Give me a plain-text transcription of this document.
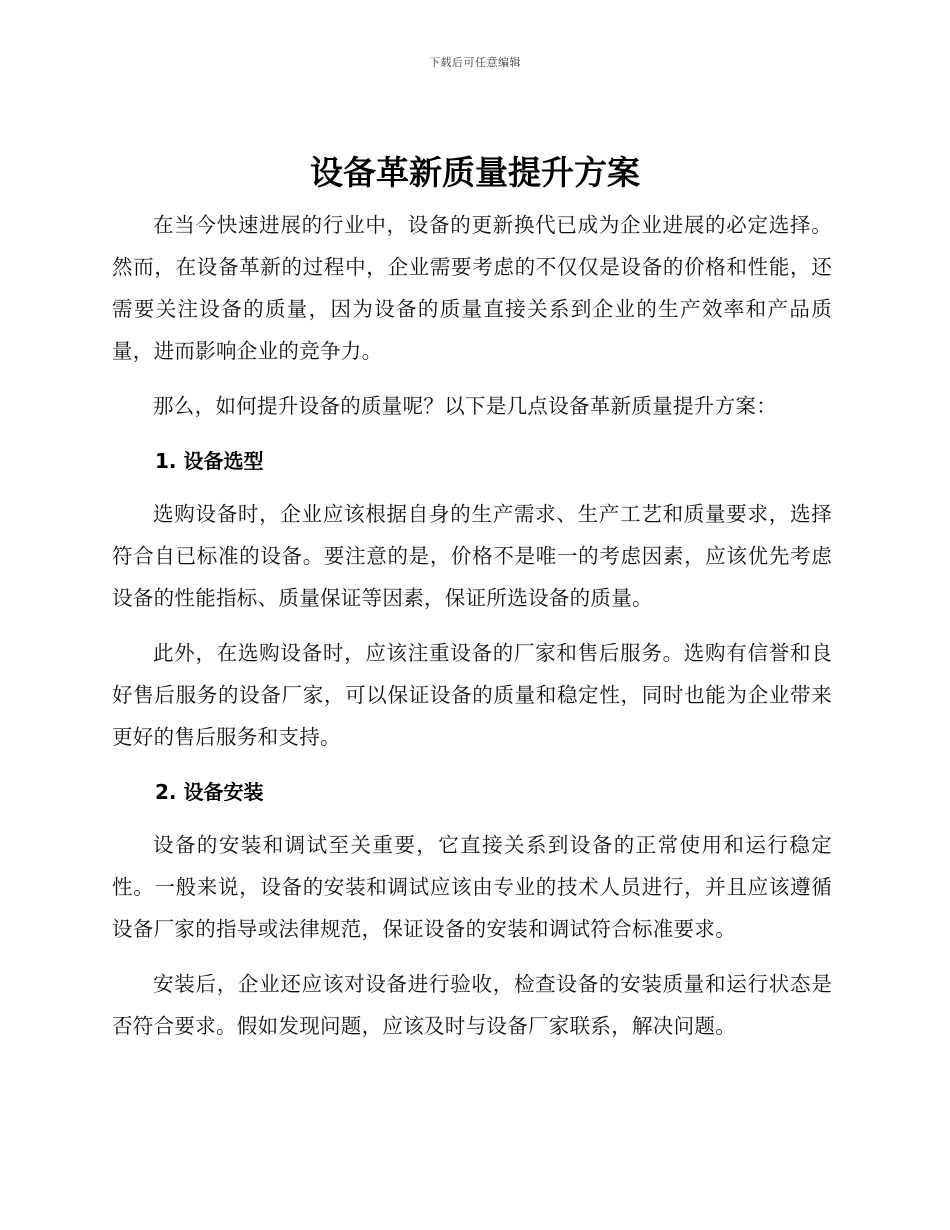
下载后可任意编辑
设备革新质量提升方案

在当今快速进展的行业中，设备的更新换代已成为企业进展的必定选择。然而，在设备革新的过程中，企业需要考虑的不仅仅是设备的价格和性能，还需要关注设备的质量，因为设备的质量直接关系到企业的生产效率和产品质量，进而影响企业的竞争力。

那么，如何提升设备的质量呢？以下是几点设备革新质量提升方案：

1. 设备选型

选购设备时，企业应该根据自身的生产需求、生产工艺和质量要求，选择符合自已标准的设备。要注意的是，价格不是唯一的考虑因素，应该优先考虑设备的性能指标、质量保证等因素，保证所选设备的质量。

此外，在选购设备时，应该注重设备的厂家和售后服务。选购有信誉和良好售后服务的设备厂家，可以保证设备的质量和稳定性，同时也能为企业带来更好的售后服务和支持。

2. 设备安装

设备的安装和调试至关重要，它直接关系到设备的正常使用和运行稳定性。一般来说，设备的安装和调试应该由专业的技术人员进行，并且应该遵循设备厂家的指导或法律规范，保证设备的安装和调试符合标准要求。

安装后，企业还应该对设备进行验收，检查设备的安装质量和运行状态是否符合要求。假如发现问题，应该及时与设备厂家联系，解决问题。
